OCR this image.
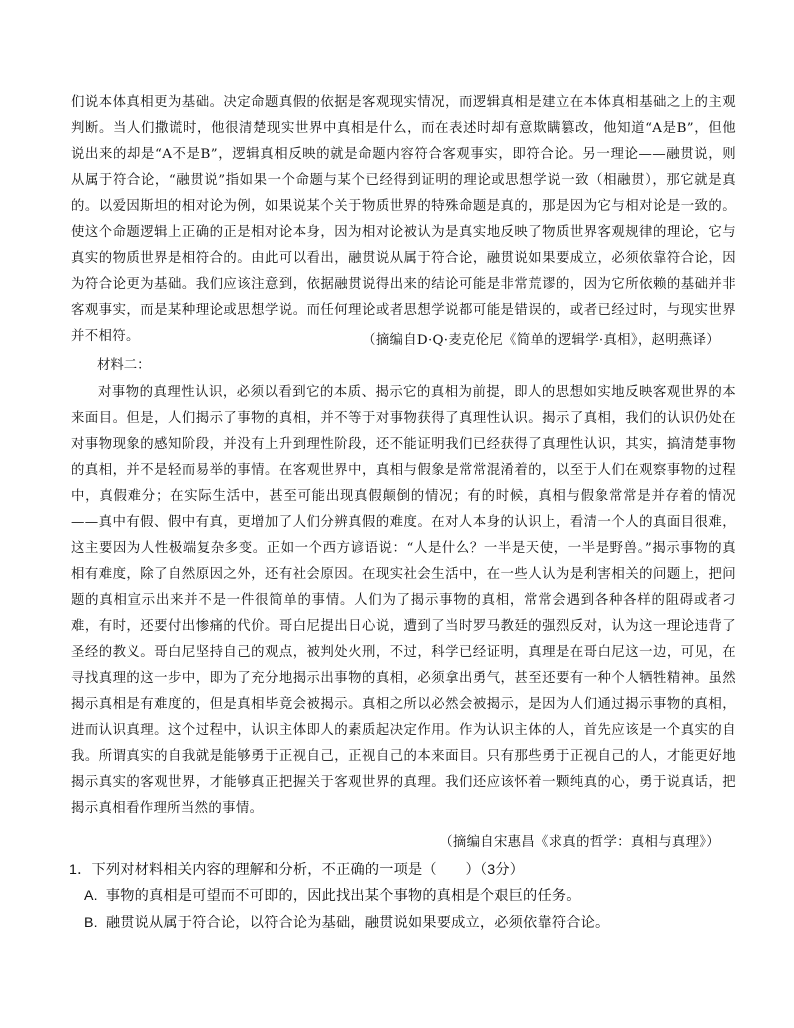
们说本体真相更为基础。决定命题真假的依据是客观现实情况，而逻辑真相是建立在本体真相基础之上的主观判断。当人们撒谎时，他很清楚现实世界中真相是什么，而在表述时却有意欺瞒篡改，他知道“A是B”，但他说出来的却是“A不是B”，逻辑真相反映的就是命题内容符合客观事实，即符合论。另一理论——融贯说，则从属于符合论，“融贯说”指如果一个命题与某个已经得到证明的理论或思想学说一致（相融贯），那它就是真的。以爱因斯坦的相对论为例，如果说某个关于物质世界的特殊命题是真的，那是因为它与相对论是一致的。使这个命题逻辑上正确的正是相对论本身，因为相对论被认为是真实地反映了物质世界客观规律的理论，它与真实的物质世界是相符合的。由此可以看出，融贯说从属于符合论，融贯说如果要成立，必须依靠符合论，因为符合论更为基础。我们应该注意到，依据融贯说得出来的结论可能是非常荒谬的，因为它所依赖的基础并非客观事实，而是某种理论或思想学说。而任何理论或者思想学说都可能是错误的，或者已经过时，与现实世界并不相符。	（摘编自D·Q·麦克伦尼《简单的逻辑学·真相》，赵明燕译）

材料二：

对事物的真理性认识，必须以看到它的本质、揭示它的真相为前提，即人的思想如实地反映客观世界的本来面目。但是，人们揭示了事物的真相，并不等于对事物获得了真理性认识。揭示了真相，我们的认识仍处在对事物现象的感知阶段，并没有上升到理性阶段，还不能证明我们已经获得了真理性认识，其实，搞清楚事物的真相，并不是轻而易举的事情。在客观世界中，真相与假象是常常混淆着的，以至于人们在观察事物的过程中，真假难分；在实际生活中，甚至可能出现真假颠倒的情况；有的时候，真相与假象常常是并存着的情况——真中有假、假中有真，更增加了人们分辨真假的难度。在对人本身的认识上，看清一个人的真面目很难，这主要因为人性极端复杂多变。正如一个西方谚语说：“人是什么？一半是天使，一半是野兽。”揭示事物的真相有难度，除了自然原因之外，还有社会原因。在现实社会生活中，在一些人认为是利害相关的问题上，把问题的真相宣示出来并不是一件很简单的事情。人们为了揭示事物的真相，常常会遇到各种各样的阻碍或者刁难，有时，还要付出惨痛的代价。哥白尼提出日心说，遭到了当时罗马教廷的强烈反对，认为这一理论违背了圣经的教义。哥白尼坚持自己的观点，被判处火刑，不过，科学已经证明，真理是在哥白尼这一边，可见，在寻找真理的这一步中，即为了充分地揭示出事物的真相，必须拿出勇气，甚至还要有一种个人牺牲精神。虽然揭示真相是有难度的，但是真相毕竟会被揭示。真相之所以必然会被揭示，是因为人们通过揭示事物的真相，进而认识真理。这个过程中，认识主体即人的素质起决定作用。作为认识主体的人，首先应该是一个真实的自我。所谓真实的自我就是能够勇于正视自己，正视自己的本来面目。只有那些勇于正视自己的人，才能更好地揭示真实的客观世界，才能够真正把握关于客观世界的真理。我们还应该怀着一颗纯真的心，勇于说真话，把揭示真相看作理所当然的事情。

（摘编自宋惠昌《求真的哲学：真相与真理》）

1．下列对材料相关内容的理解和分析，不正确的一项是（　　）（3分）

A. 事物的真相是可望而不可即的，因此找出某个事物的真相是个艰巨的任务。

B. 融贯说从属于符合论，以符合论为基础，融贯说如果要成立，必须依靠符合论。
